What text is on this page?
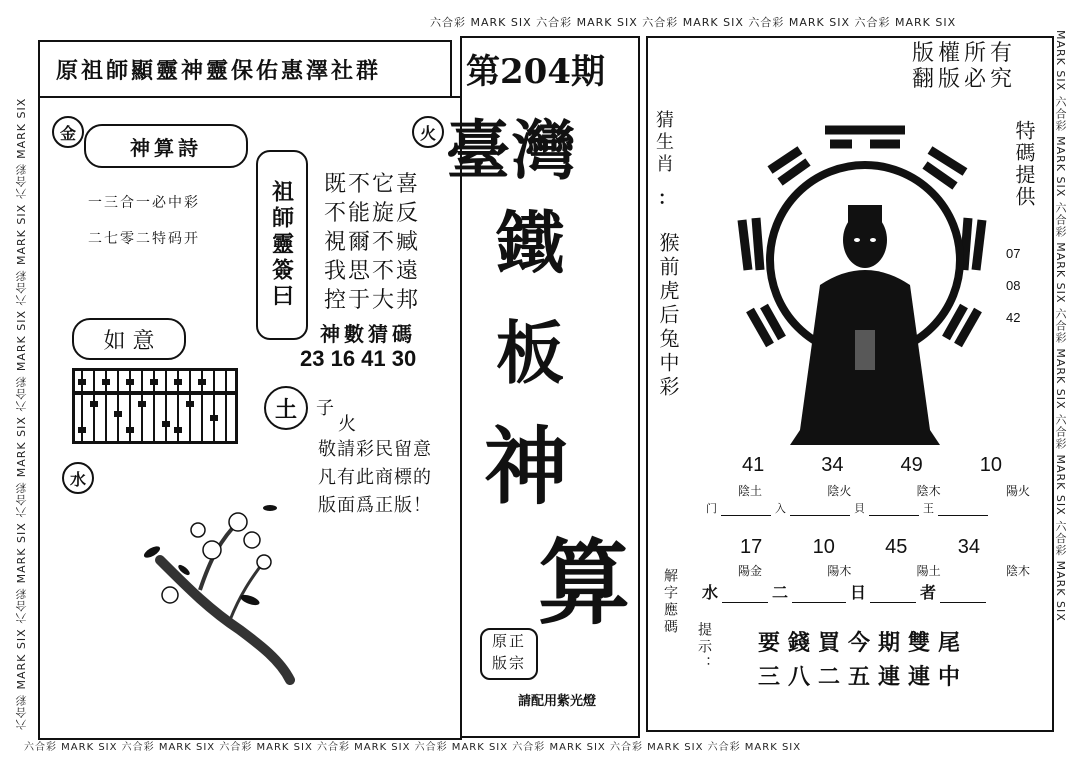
六合彩 MARK SIX 六合彩 MARK SIX 六合彩 MARK SIX 六合彩 MARK SIX 六合彩 MARK SIX
六合彩 MARK SIX 六合彩 MARK SIX 六合彩 MARK SIX 六合彩 MARK SIX 六合彩 MARK SIX 六合彩 MARK SIX 六合彩 MARK SIX 六合彩 MARK SIX
六合彩 MARK SIX 六合彩 MARK SIX 六合彩 MARK SIX 六合彩 MARK SIX 六合彩 MARK SIX 六合彩 MARK SIX	MARK SIX 六合彩 MARK SIX 六合彩 MARK SIX 六合彩 MARK SIX 六合彩 MARK SIX 六合彩 MARK SIX
原祖師顯靈神靈保佑惠澤社群 第204期	版權所有
翻版必究
金	火
神算詩
一三合一必中彩
二七零二特码开	祖師靈簽曰 既不它喜
不能旋反
視爾不臧
我思不遠
控于大邦
神數猜碼
23 16 41 30
如 意
土	子
火
敬請彩民留意
凡有此商標的
版面爲正版！
水
臺灣
鐵
板
神
算
原正版宗
請配用紫光燈
猜生肖
：
猴前虎后兔中彩
特碼提供
07
08
42
41	34	49	10
陰土	陰火	陰木	陽火
门	入	貝	王
17	10	45	34
陽金	陽木	陽土	陰木
水	二	日	者
解字應碼
提示： 要錢買今期雙尾
三八二五連連中
